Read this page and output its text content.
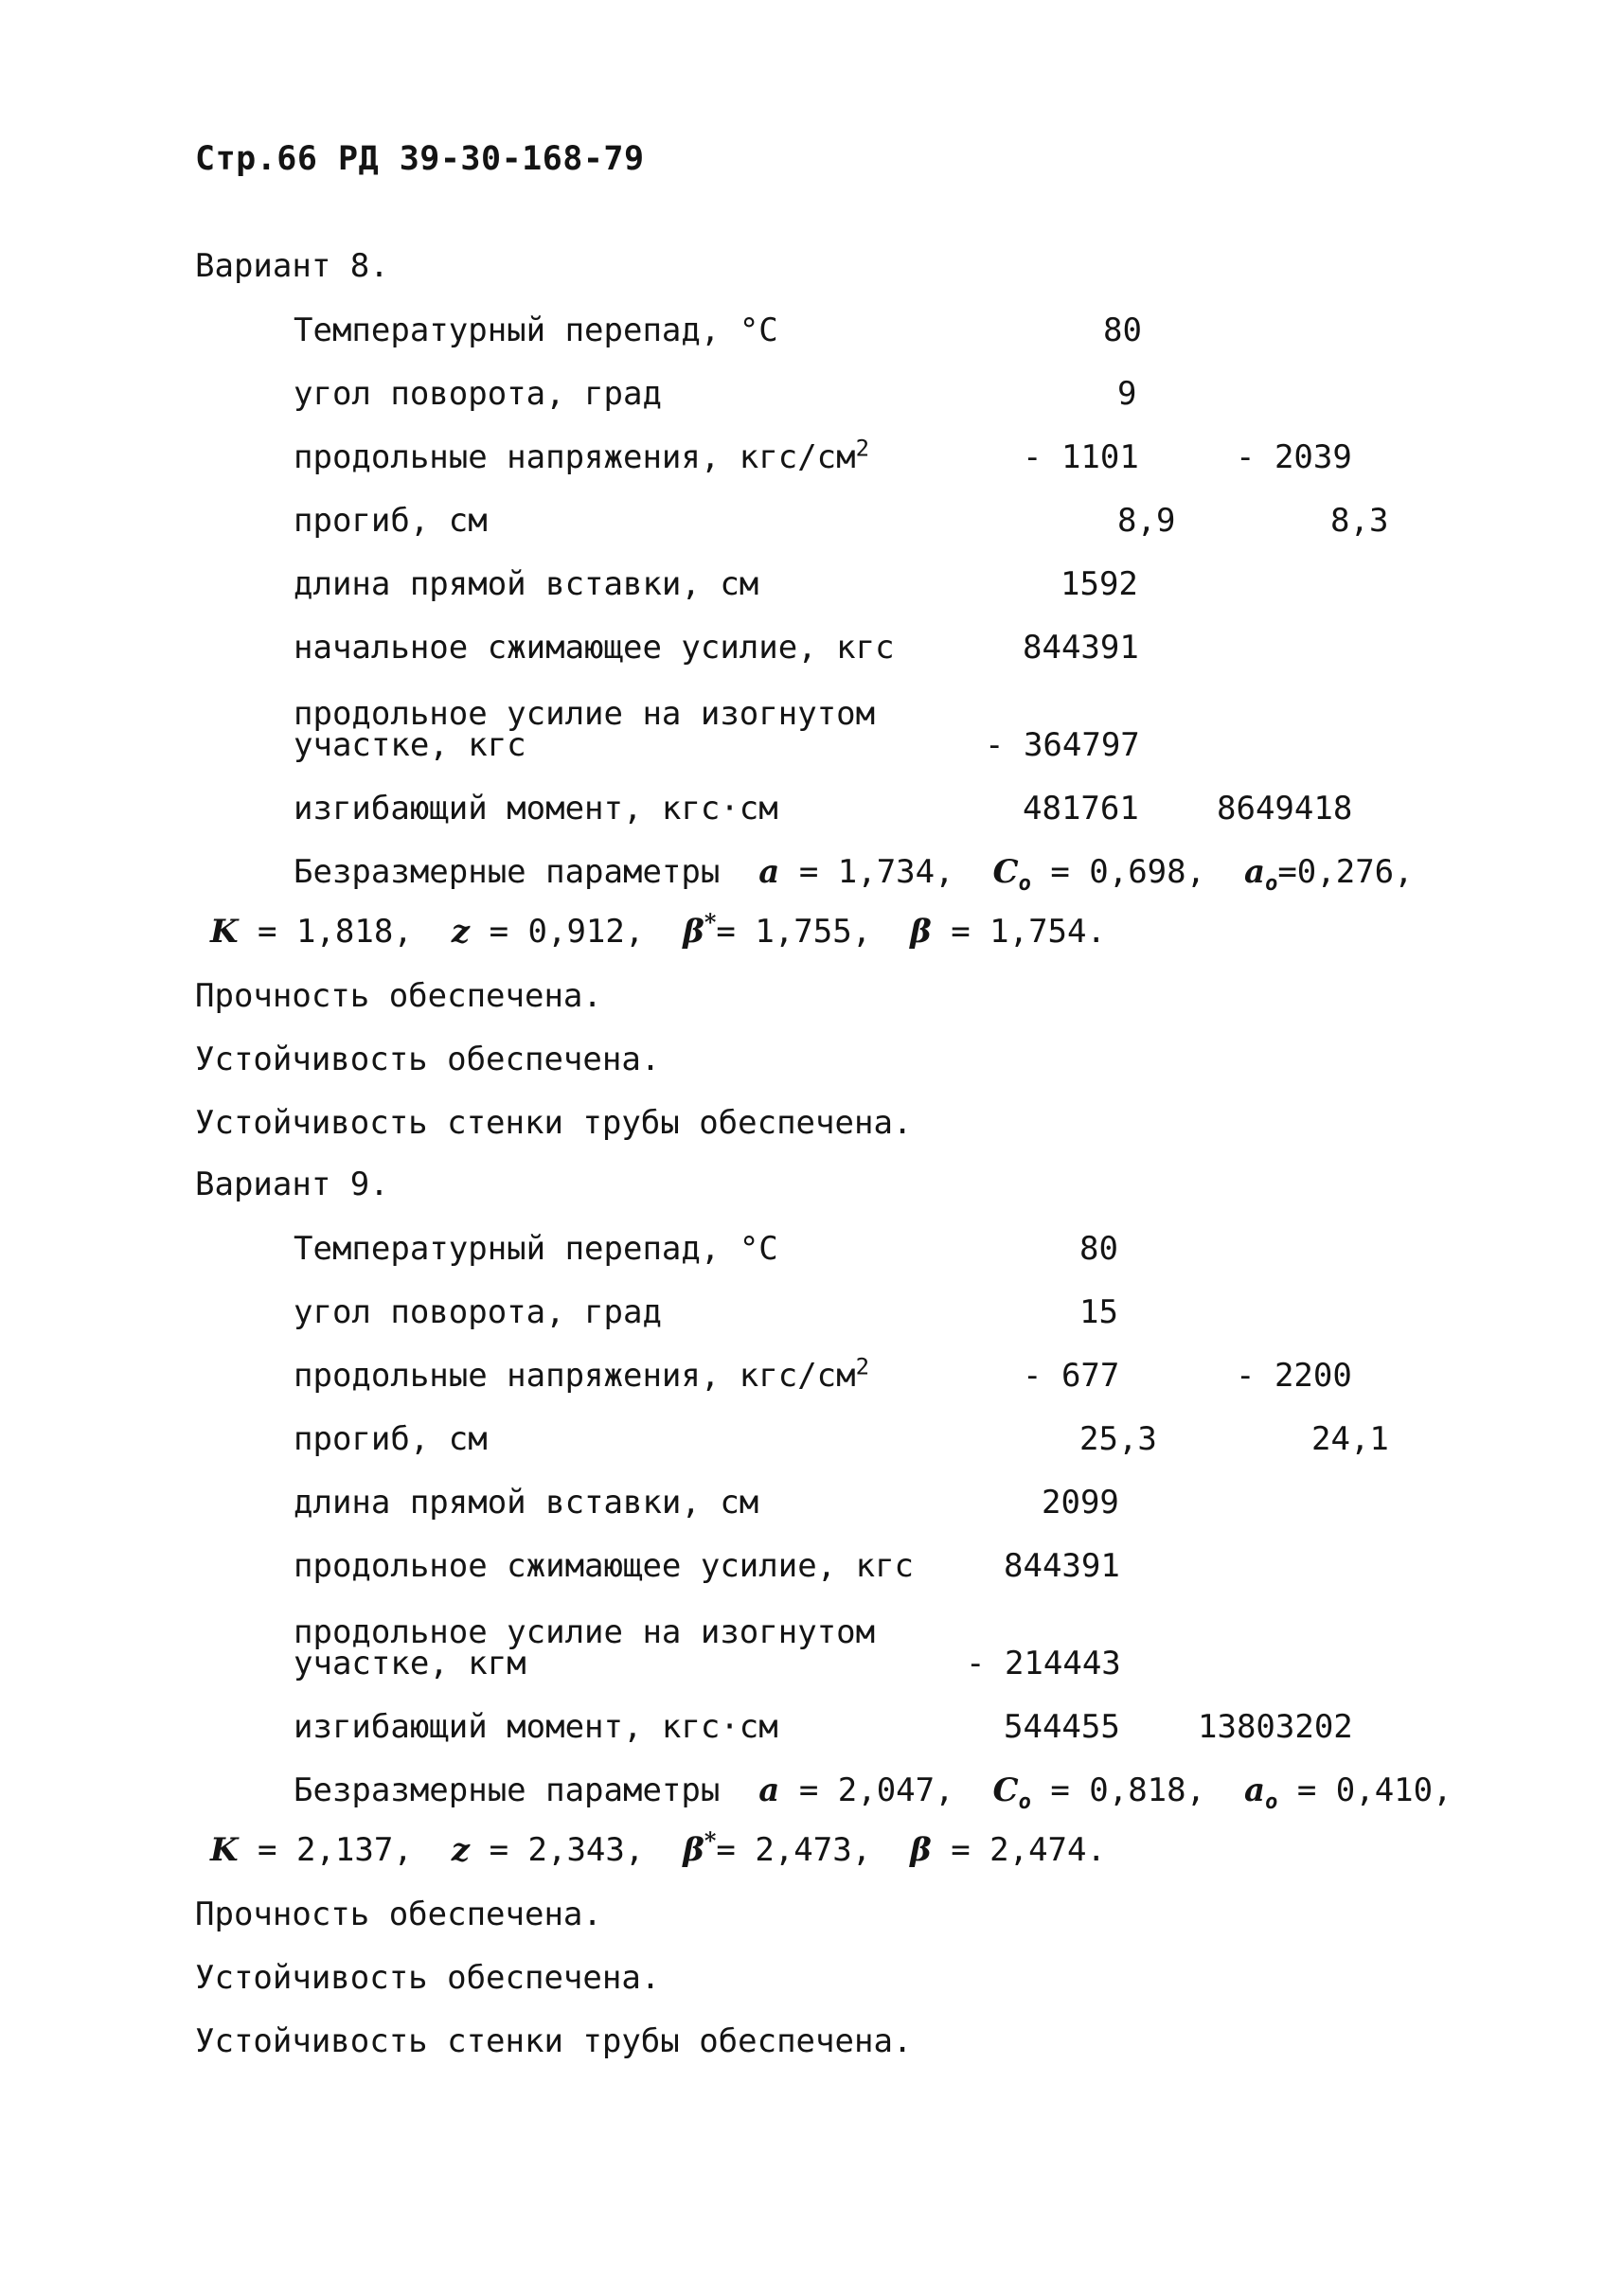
Стр.66 РД 39-30-168-79
Вариант 8.
Температурный перепад, °С	80
угол поворота, град	9
продольные напряжения, кгс/$см^2$	- 1101	- 2039
прогиб, см	8,9	8,3
длина прямой вставки, см	1592
начальное сжимающее усилие, кгс	844391
продольное усилие на изогнутом
участке, кгс	- 364797
изгибающий момент, кгс·см	481761 8649418
Безразмерные параметры a = 1,734, $C_o = 0,698$, $a_o=0,276$,
K = 1,818, z = 0,912, β*= 1,755, β = 1,754.
Прочность обеспечена.
Устойчивость обеспечена.
Устойчивость стенки трубы обеспечена.
Вариант 9.
Температурный перепад, °С	80
угол поворота, град	15
продольные напряжения, кгс/$см^2$	- 677	- 2200
прогиб, см	25,3	24,1
длина прямой вставки, см	2099
продольное сжимающее усилие, кгс	844391
продольное усилие на изогнутом
участке, кгм	- 214443
изгибающий момент, кгс·см	544455 13803202
Безразмерные параметры a = 2,047, $C_o = 0,818$, $a_o = 0,410$,
K = 2,137, z = 2,343, β*= 2,473, β = 2,474.
Прочность обеспечена.
Устойчивость обеспечена.
Устойчивость стенки трубы обеспечена.
